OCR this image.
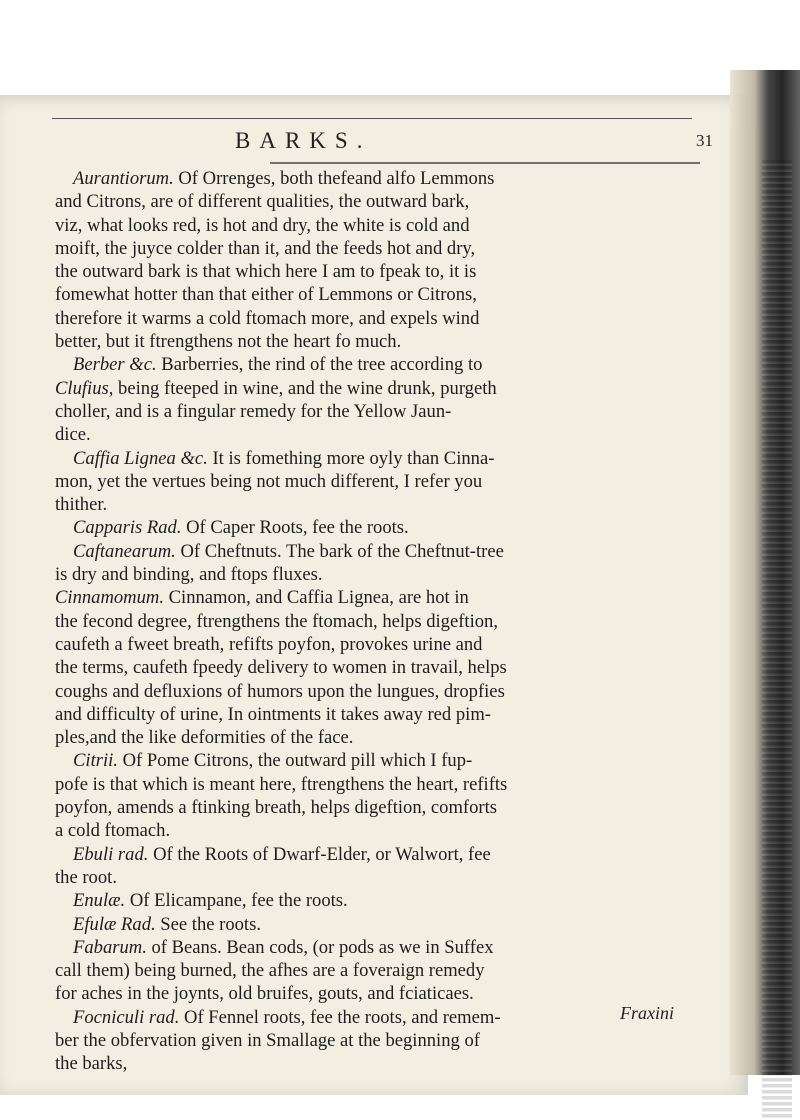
BARKS.	31
Aurantiorum. Of Orrenges, both thefeand alfo Lemmons
and Citrons, are of different qualities, the outward bark,
viz, what looks red, is hot and dry, the white is cold and
moift, the juyce colder than it, and the feeds hot and dry,
the outward bark is that which here I am to fpeak to, it is
fomewhat hotter than that either of Lemmons or Citrons,
therefore it warms a cold ftomach more, and expels wind
better, but it ftrengthens not the heart fo much.
Berber &c. Barberries, the rind of the tree according to
Clufius, being fteeped in wine, and the wine drunk, purgeth
choller, and is a fingular remedy for the Yellow Jaun-
dice.
Caffia Lignea &c. It is fomething more oyly than Cinna-
mon, yet the vertues being not much different, I refer you
thither.
Capparis Rad. Of Caper Roots, fee the roots.
Caftanearum. Of Cheftnuts. The bark of the Cheftnut-tree
is dry and binding, and ftops fluxes.
Cinnamomum. Cinnamon, and Caffia Lignea, are hot in
the fecond degree, ftrengthens the ftomach, helps digeftion,
caufeth a fweet breath, refifts poyfon, provokes urine and
the terms, caufeth fpeedy delivery to women in travail, helps
coughs and defluxions of humors upon the lungues, dropfies
and difficulty of urine, In ointments it takes away red pim-
ples,and the like deformities of the face.
Citrii. Of Pome Citrons, the outward pill which I fup-
pofe is that which is meant here, ftrengthens the heart, refifts
poyfon, amends a ftinking breath, helps digeftion, comforts
a cold ftomach.
Ebuli rad. Of the Roots of Dwarf-Elder, or Walwort, fee
the root.
Enulæ. Of Elicampane, fee the roots.
Efulæ Rad. See the roots.
Fabarum. of Beans. Bean cods, (or pods as we in Suffex
call them) being burned, the afhes are a foveraign remedy
for aches in the joynts, old bruifes, gouts, and fciaticaes.
Focniculi rad. Of Fennel roots, fee the roots, and remem-
ber the obfervation given in Smallage at the beginning of
the barks,
Fraxini
